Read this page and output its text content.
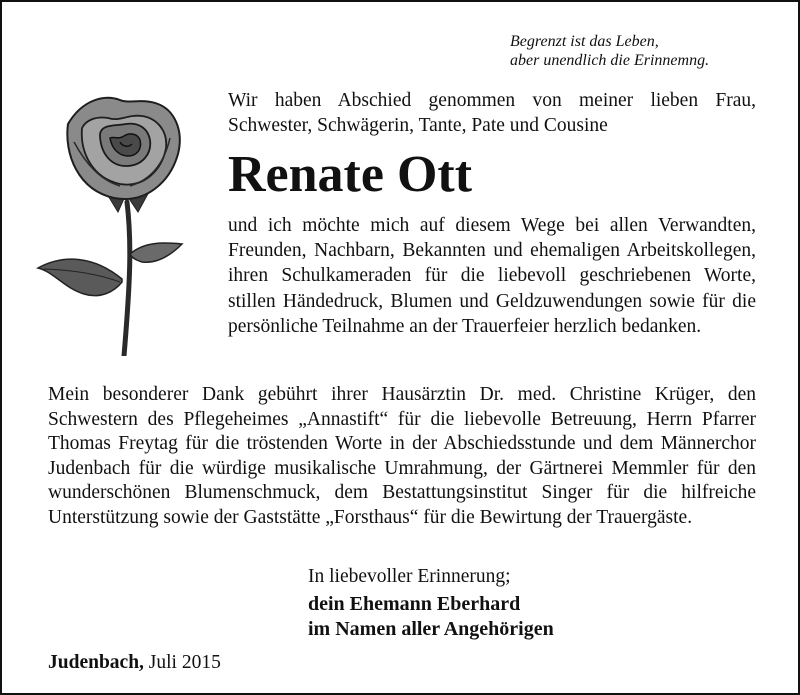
Begrenzt ist das Leben,
aber unendlich die Erinnemng.
Wir haben Abschied genommen von meiner lieben Frau, Schwester, Schwägerin, Tante, Pate und Cousine
Renate Ott
und ich möchte mich auf diesem Wege bei allen Verwandten, Freunden, Nachbarn, Bekannten und ehemaligen Arbeitskollegen, ihren Schulkameraden für die liebevoll geschriebenen Worte, stillen Händedruck, Blumen und Geldzuwendungen sowie für die persönliche Teilnahme an der Trauerfeier herzlich bedanken.
Mein besonderer Dank gebührt ihrer Hausärztin Dr. med. Christine Krüger, den Schwestern des Pflegeheimes „Annastift“ für die liebevolle Betreuung, Herrn Pfarrer Thomas Freytag für die tröstenden Worte in der Abschiedsstunde und dem Männerchor Judenbach für die würdige musikalische Umrahmung, der Gärtnerei Memmler für den wunderschönen Blumenschmuck, dem Bestattungsinstitut Singer für die hilfreiche Unterstützung sowie der Gaststätte „Forsthaus“ für die Bewirtung der Trauergäste.
In liebevoller Erinnerung;
dein Ehemann Eberhard
im Namen aller Angehörigen
Judenbach, Juli 2015
